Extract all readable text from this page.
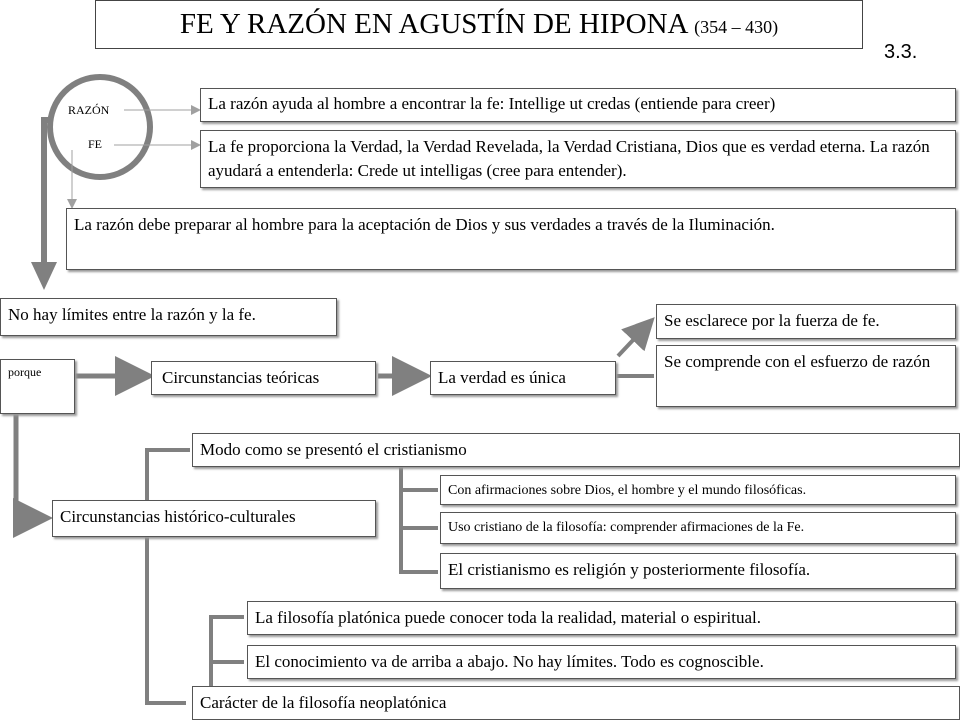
FE Y RAZÓN EN AGUSTÍN DE HIPONA (354 – 430)
3.3.
RAZÓN
FE
La razón ayuda al hombre a encontrar la fe: Intellige ut credas (entiende para creer)
La fe proporciona la Verdad, la Verdad Revelada, la Verdad Cristiana, Dios que es verdad eterna. La razón ayudará a entenderla: Crede ut intelligas (cree para entender).
La razón debe preparar al hombre para la aceptación de Dios y sus verdades a través de la Iluminación.
No hay límites entre la razón y la fe.
porque	Circunstancias teóricas	La verdad es única
Se esclarece por la fuerza de fe.
Se comprende con el esfuerzo de razón
Circunstancias histórico-culturales
Modo como se presentó el cristianismo
Con afirmaciones sobre Dios, el hombre y el mundo filosóficas.
Uso cristiano de la filosofía: comprender afirmaciones de la Fe.
El cristianismo es religión y posteriormente filosofía.
La filosofía platónica puede conocer toda la realidad, material o espiritual.
El conocimiento va de arriba a abajo. No hay límites. Todo es cognoscible.
Carácter de la filosofía neoplatónica
